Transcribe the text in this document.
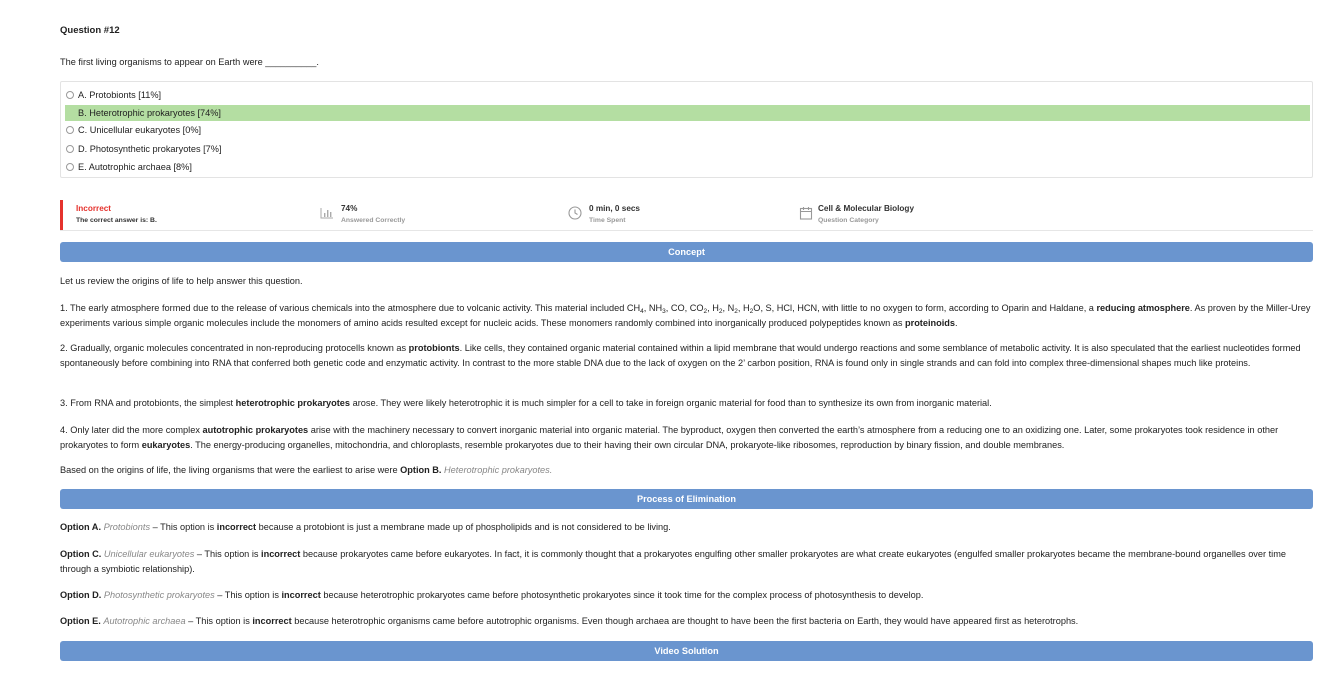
Question #12
The first living organisms to appear on Earth were __________.
A. Protobionts [11%]
B. Heterotrophic prokaryotes [74%]
C. Unicellular eukaryotes [0%]
D. Photosynthetic prokaryotes [7%]
E. Autotrophic archaea [8%]
Incorrect
The correct answer is: B.
74%
Answered Correctly
0 min, 0 secs
Time Spent
Cell & Molecular Biology
Question Category
Concept
Let us review the origins of life to help answer this question.
1. The early atmosphere formed due to the release of various chemicals into the atmosphere due to volcanic activity. This material included $CH_4$, $NH_3$, CO, $CO_2$, $H_2$, $N_2$, $H_2O$, S, HCl, HCN, with little to no oxygen to form, according to Oparin and Haldane, a reducing atmosphere. As proven by the Miller-Urey experiments various simple organic molecules include the monomers of amino acids resulted except for nucleic acids. These monomers randomly combined into inorganically produced polypeptides known as proteinoids.
2. Gradually, organic molecules concentrated in non-reproducing protocells known as protobionts. Like cells, they contained organic material contained within a lipid membrane that would undergo reactions and some semblance of metabolic activity. It is also speculated that the earliest nucleotides formed spontaneously before combining into RNA that conferred both genetic code and enzymatic activity. In contrast to the more stable DNA due to the lack of oxygen on the 2’ carbon position, RNA is found only in single strands and can fold into complex three-dimensional shapes much like proteins.
3. From RNA and protobionts, the simplest heterotrophic prokaryotes arose. They were likely heterotrophic it is much simpler for a cell to take in foreign organic material for food than to synthesize its own from inorganic material.
4. Only later did the more complex autotrophic prokaryotes arise with the machinery necessary to convert inorganic material into organic material. The byproduct, oxygen then converted the earth’s atmosphere from a reducing one to an oxidizing one. Later, some prokaryotes took residence in other prokaryotes to form eukaryotes. The energy-producing organelles, mitochondria, and chloroplasts, resemble prokaryotes due to their having their own circular DNA, prokaryote-like ribosomes, reproduction by binary fission, and double membranes.
Based on the origins of life, the living organisms that were the earliest to arise were Option B. Heterotrophic prokaryotes.
Process of Elimination
Option A. Protobionts – This option is incorrect because a protobiont is just a membrane made up of phospholipids and is not considered to be living.
Option C. Unicellular eukaryotes – This option is incorrect because prokaryotes came before eukaryotes. In fact, it is commonly thought that a prokaryotes engulfing other smaller prokaryotes are what create eukaryotes (engulfed smaller prokaryotes became the membrane-bound organelles over time through a symbiotic relationship).
Option D. Photosynthetic prokaryotes – This option is incorrect because heterotrophic prokaryotes came before photosynthetic prokaryotes since it took time for the complex process of photosynthesis to develop.
Option E. Autotrophic archaea – This option is incorrect because heterotrophic organisms came before autotrophic organisms. Even though archaea are thought to have been the first bacteria on Earth, they would have appeared first as heterotrophs.
Video Solution
